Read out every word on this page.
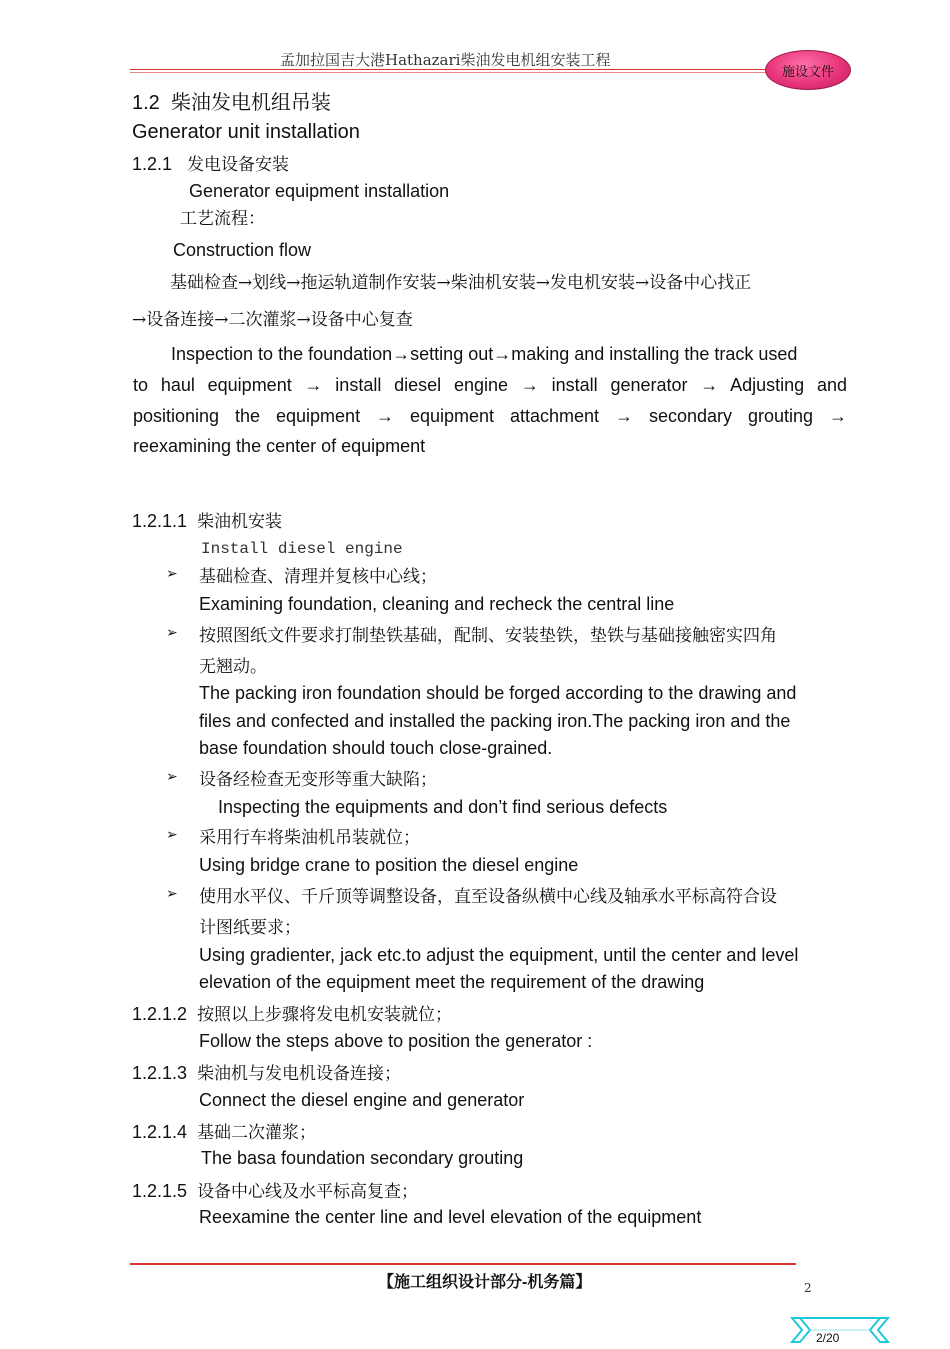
孟加拉国吉大港Hathazari柴油发电机组安装工程
施设文件
1.2 柴油发电机组吊装
Generator unit installation
1.2.1 发电设备安装
Generator equipment installation
工艺流程：
Construction flow
基础检查→划线→拖运轨道制作安装→柴油机安装→发电机安装→设备中心找正
→设备连接→二次灌浆→设备中心复查
Inspection to the foundation→setting out→making and installing the track used
to haul equipment → install diesel engine → install generator → Adjusting and
positioning the equipment → equipment attachment → secondary grouting →
reexamining the center of equipment
1.2.1.1 柴油机安装
Install diesel engine
➢ 基础检查、清理并复核中心线；
Examining foundation, cleaning and recheck the central line
➢ 按照图纸文件要求打制垫铁基础，配制、安装垫铁，垫铁与基础接触密实四角
无翘动。
The packing iron foundation should be forged according to the drawing and
files and confected and installed the packing iron.The packing iron and the
base foundation should touch close-grained.
➢ 设备经检查无变形等重大缺陷；
Inspecting the equipments and don’t find serious defects
➢ 采用行车将柴油机吊装就位；
Using bridge crane to position the diesel engine
➢ 使用水平仪、千斤顶等调整设备，直至设备纵横中心线及轴承水平标高符合设
计图纸要求；
Using gradienter, jack etc.to adjust the equipment, until the center and level
elevation of the equipment meet the requirement of the drawing
1.2.1.2 按照以上步骤将发电机安装就位；
Follow the steps above to position the generator :
1.2.1.3 柴油机与发电机设备连接；
Connect the diesel engine and generator
1.2.1.4 基础二次灌浆；
The basa foundation secondary grouting
1.2.1.5 设备中心线及水平标高复查；
Reexamine the center line and level elevation of the equipment
【施工组织设计部分-机务篇】	2
2/20
